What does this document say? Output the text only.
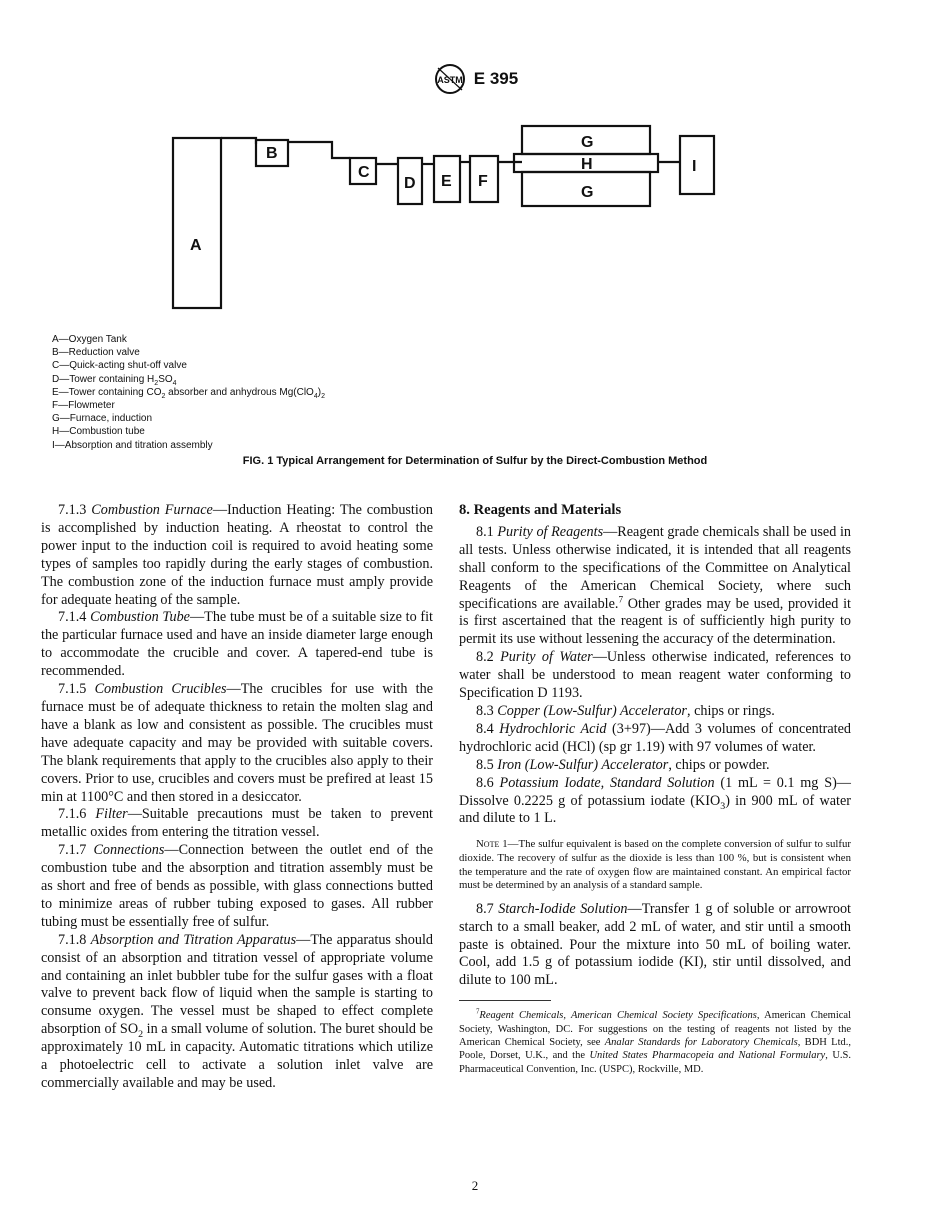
ASTM E 395
A
B
C
D E F
G
H
G
I
A—Oxygen Tank
B—Reduction valve
C—Quick-acting shut-off valve
D—Tower containing $H_2SO_4$
E—Tower containing $CO_2$ absorber and anhydrous $Mg(ClO_4)_2$
F—Flowmeter
G—Furnace, induction
H—Combustion tube
I—Absorption and titration assembly
FIG. 1 Typical Arrangement for Determination of Sulfur by the Direct-Combustion Method

7.1.3 Combustion Furnace—Induction Heating: The combustion is accomplished by induction heating. A rheostat to control the power input to the induction coil is required to avoid heating some types of samples too rapidly during the early stages of combustion. The combustion zone of the induction furnace must amply provide for adequate heating of the sample.

7.1.4 Combustion Tube—The tube must be of a suitable size to fit the particular furnace used and have an inside diameter large enough to accommodate the crucible and cover. A tapered-end tube is recommended.

7.1.5 Combustion Crucibles—The crucibles for use with the furnace must be of adequate thickness to retain the molten slag and have a blank as low and consistent as possible. The crucibles must have adequate capacity and may be provided with suitable covers. The blank requirements that apply to the crucibles also apply to their covers. Prior to use, crucibles and covers must be prefired at least 15 min at 1100°C and then stored in a desiccator.

7.1.6 Filter—Suitable precautions must be taken to prevent metallic oxides from entering the titration vessel.

7.1.7 Connections—Connection between the outlet end of the combustion tube and the absorption and titration assembly must be as short and free of bends as possible, with glass connections butted to minimize areas of rubber tubing exposed to gases. All rubber tubing must be essentially free of sulfur.

7.1.8 Absorption and Titration Apparatus—The apparatus should consist of an absorption and titration vessel of appropriate volume and containing an inlet bubbler tube for the sulfur gases with a float valve to prevent back flow of liquid when the sample is starting to consume oxygen. The vessel must be shaped to effect complete absorption of $SO_2$ in a small volume of solution. The buret should be approximately 10 mL in capacity. Automatic titrations which utilize a photoelectric cell to activate a solution inlet valve are commercially available and may be used.

8. Reagents and Materials

8.1 Purity of Reagents—Reagent grade chemicals shall be used in all tests. Unless otherwise indicated, it is intended that all reagents shall conform to the specifications of the Committee on Analytical Reagents of the American Chemical Society, where such specifications are available.$^7$ Other grades may be used, provided it is first ascertained that the reagent is of sufficiently high purity to permit its use without lessening the accuracy of the determination.

8.2 Purity of Water—Unless otherwise indicated, references to water shall be understood to mean reagent water conforming to Specification D 1193.

8.3 Copper (Low-Sulfur) Accelerator, chips or rings.

8.4 Hydrochloric Acid (3+97)—Add 3 volumes of concentrated hydrochloric acid (HCl) (sp gr 1.19) with 97 volumes of water.

8.5 Iron (Low-Sulfur) Accelerator, chips or powder.

8.6 Potassium Iodate, Standard Solution (1 mL = 0.1 mg S)—Dissolve 0.2225 g of potassium iodate $(KIO_3)$ in 900 mL of water and dilute to 1 L.

Note 1—The sulfur equivalent is based on the complete conversion of sulfur to sulfur dioxide. The recovery of sulfur as the dioxide is less than 100 %, but is consistent when the temperature and the rate of oxygen flow are maintained constant. An empirical factor must be determined by an analysis of a standard sample.

8.7 Starch-Iodide Solution—Transfer 1 g of soluble or arrowroot starch to a small beaker, add 2 mL of water, and stir until a smooth paste is obtained. Pour the mixture into 50 mL of boiling water. Cool, add 1.5 g of potassium iodide (KI), stir until dissolved, and dilute to 100 mL.

$^7$Reagent Chemicals, American Chemical Society Specifications, American Chemical Society, Washington, DC. For suggestions on the testing of reagents not listed by the American Chemical Society, see Analar Standards for Laboratory Chemicals, BDH Ltd., Poole, Dorset, U.K., and the United States Pharmacopeia and National Formulary, U.S. Pharmaceutical Convention, Inc. (USPC), Rockville, MD.

2
